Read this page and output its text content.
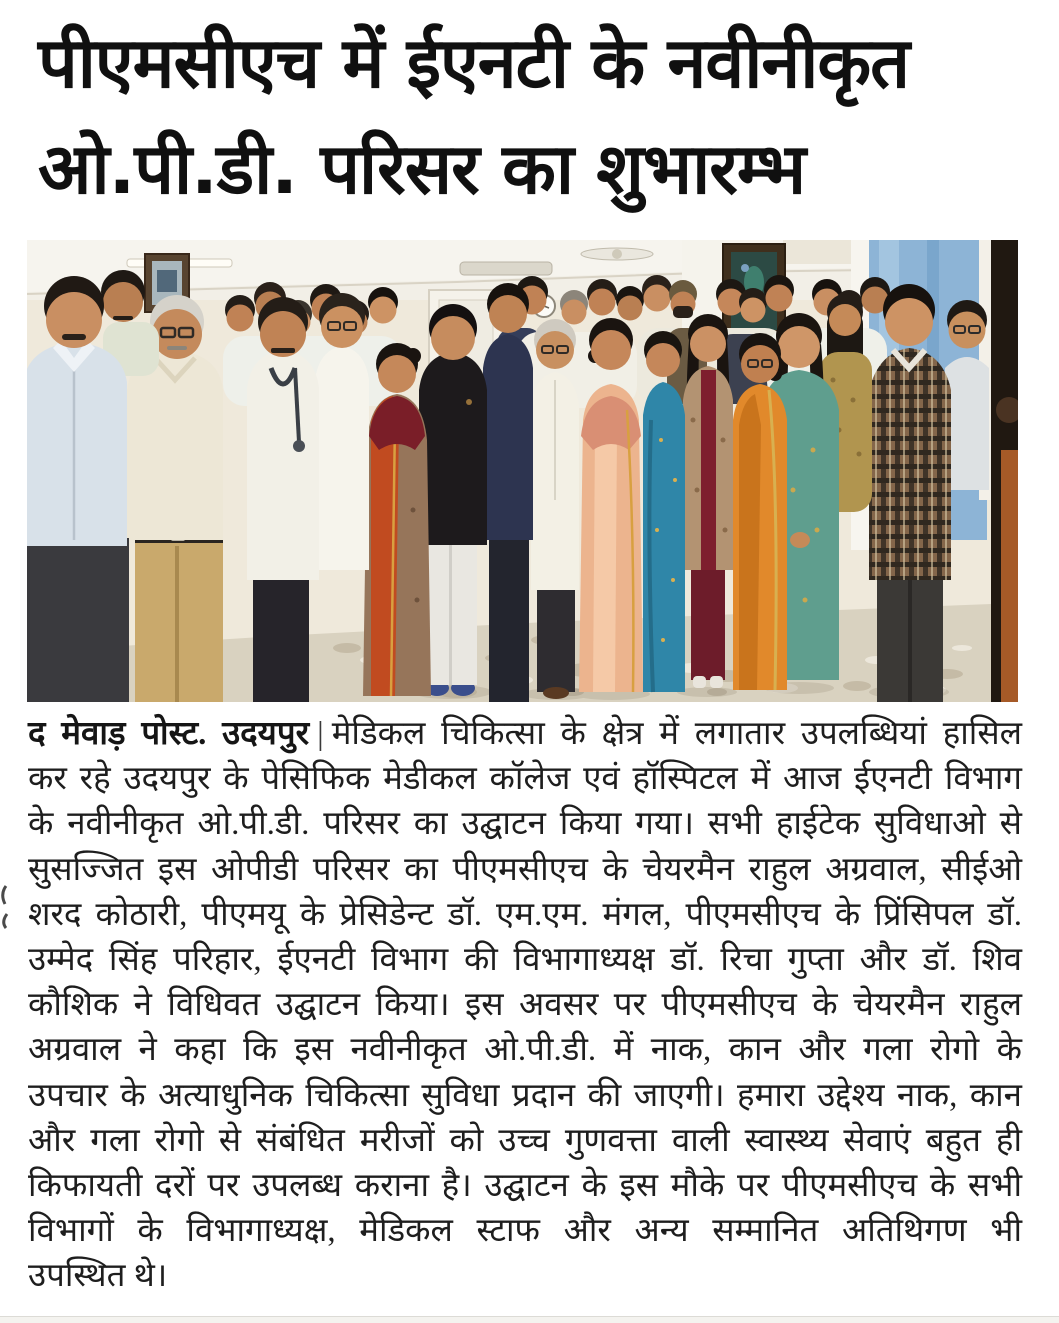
पीएमसीएच में ईएनटी के नवीनीकृत
ओ.पी.डी. परिसर का शुभारम्भ

द मेवाड़ पोस्ट. उदयपुर | मेडिकल चिकित्सा के क्षेत्र में लगातार उपलब्धियां हासिल

कर रहे उदयपुर के पेसिफिक मेडीकल कॉलेज एवं हॉस्पिटल में आज ईएनटी विभाग

के नवीनीकृत ओ.पी.डी. परिसर का उद्घाटन किया गया। सभी हाईटेक सुविधाओ से

सुसज्जित इस ओपीडी परिसर का पीएमसीएच के चेयरमैन राहुल अग्रवाल, सीईओ

शरद कोठारी, पीएमयू के प्रेसिडेन्ट डॉ. एम.एम. मंगल, पीएमसीएच के प्रिंसिपल डॉ.

उम्मेद सिंह परिहार, ईएनटी विभाग की विभागाध्यक्ष डॉ. रिचा गुप्ता और डॉ. शिव

कौशिक ने विधिवत उद्घाटन किया। इस अवसर पर पीएमसीएच के चेयरमैन राहुल

अग्रवाल ने कहा कि इस नवीनीकृत ओ.पी.डी. में नाक, कान और गला रोगो के

उपचार के अत्याधुनिक चिकित्सा सुविधा प्रदान की जाएगी। हमारा उद्देश्य नाक, कान

और गला रोगो से संबंधित मरीजों को उच्च गुणवत्ता वाली स्वास्थ्य सेवाएं बहुत ही

किफायती दरों पर उपलब्ध कराना है। उद्घाटन के इस मौके पर पीएमसीएच के सभी

विभागों के विभागाध्यक्ष, मेडिकल स्टाफ और अन्य सम्मानित अतिथिगण भी

उपस्थित थे।
